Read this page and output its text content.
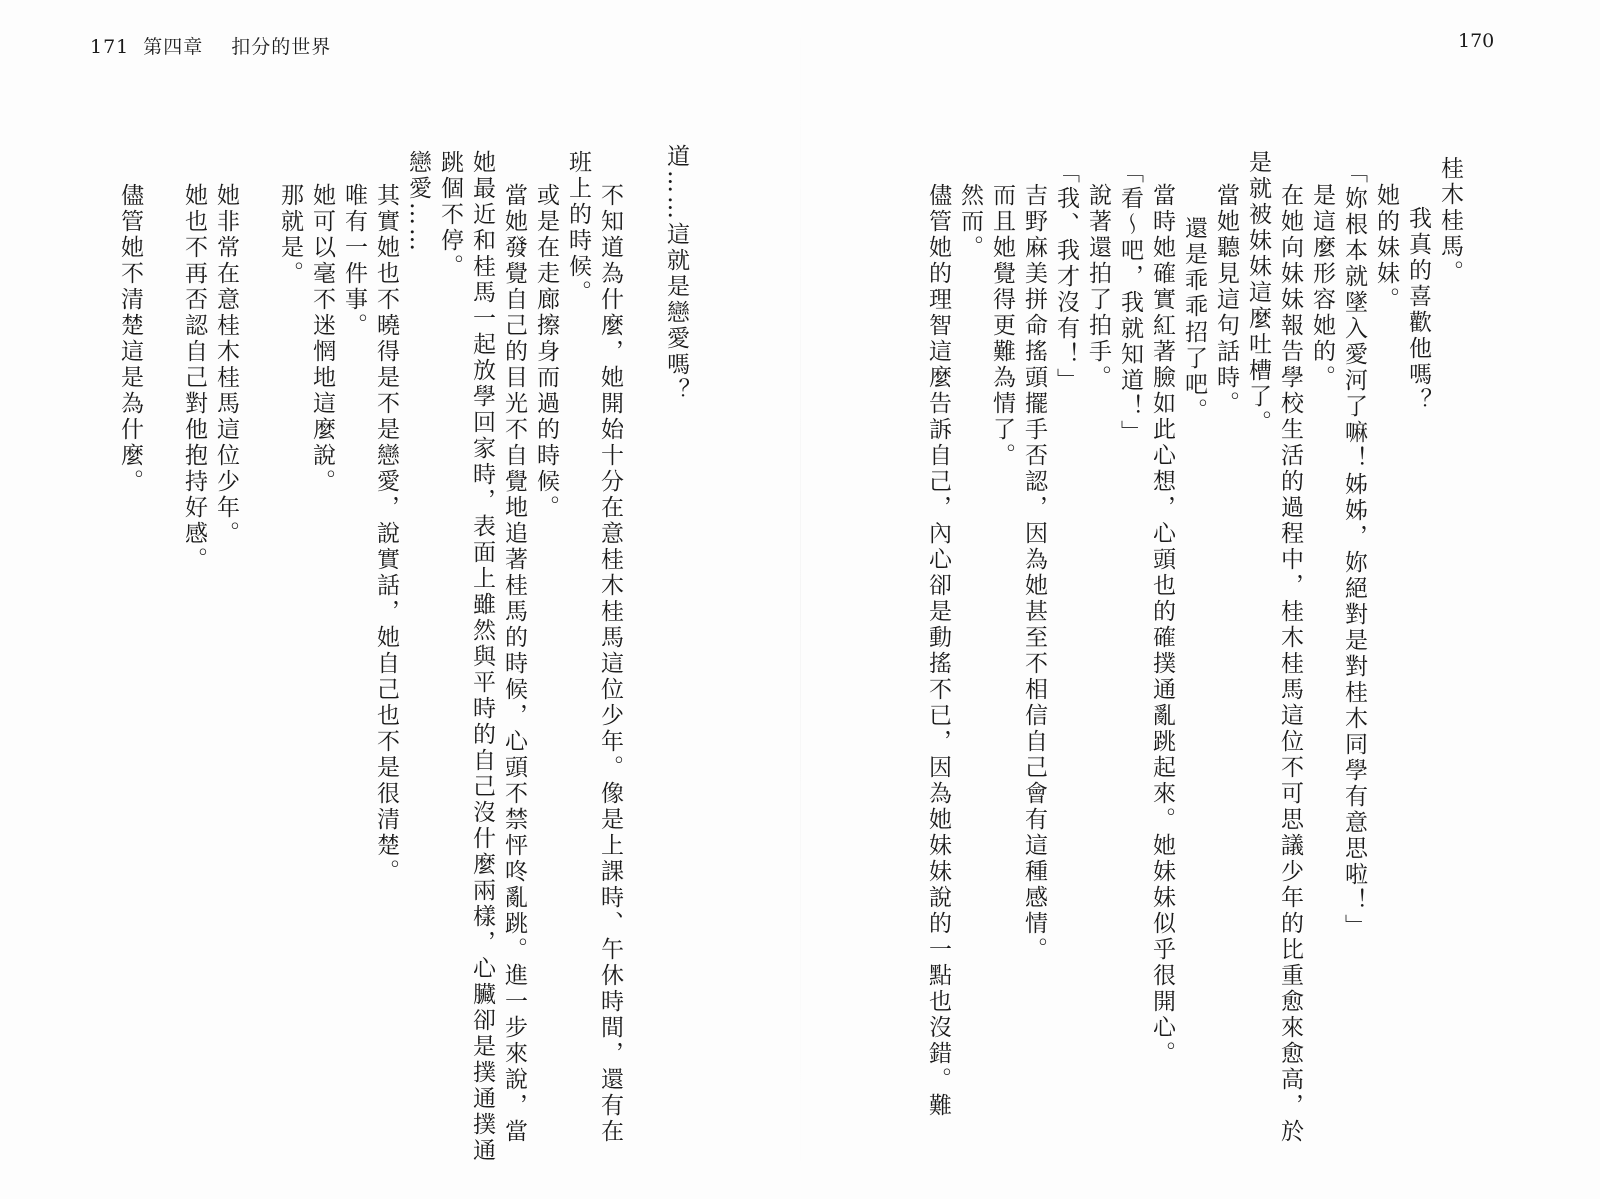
171 第四章 扣分的世界	170
桂木桂馬。
我真的喜歡他嗎？
她的妹妹。
「妳根本就墜入愛河了嘛！姊姊，妳絕對是對桂木同學有意思啦！」
是這麼形容她的。
在她向妹妹報告學校生活的過程中，桂木桂馬這位不可思議少年的比重愈來愈高，於
是就被妹妹這麼吐槽了。
當她聽見這句話時。
還是乖乖招了吧。
當時她確實紅著臉如此心想，心頭也的確撲通亂跳起來。她妹妹似乎很開心。
「看～吧，我就知道！」
說著還拍了拍手。
「我、我才沒有！」
吉野麻美拼命搖頭擺手否認，因為她甚至不相信自己會有這種感情。
而且她覺得更難為情了。
然而。
儘管她的理智這麼告訴自己，內心卻是動搖不已，因為她妹妹說的一點也沒錯。難
道……這就是戀愛嗎？
不知道為什麼，她開始十分在意桂木桂馬這位少年。像是上課時、午休時間，還有在
班上的時候。
或是在走廊擦身而過的時候。
當她發覺自己的目光不自覺地追著桂馬的時候，心頭不禁怦咚亂跳。進一步來說，當
她最近和桂馬一起放學回家時，表面上雖然與平時的自己沒什麼兩樣，心臟卻是撲通撲通
跳個不停。
戀愛……
其實她也不曉得是不是戀愛，說實話，她自己也不是很清楚。
唯有一件事。
她可以毫不迷惘地這麼說。
那就是。
她非常在意桂木桂馬這位少年。
她也不再否認自己對他抱持好感。
儘管她不清楚這是為什麼。
